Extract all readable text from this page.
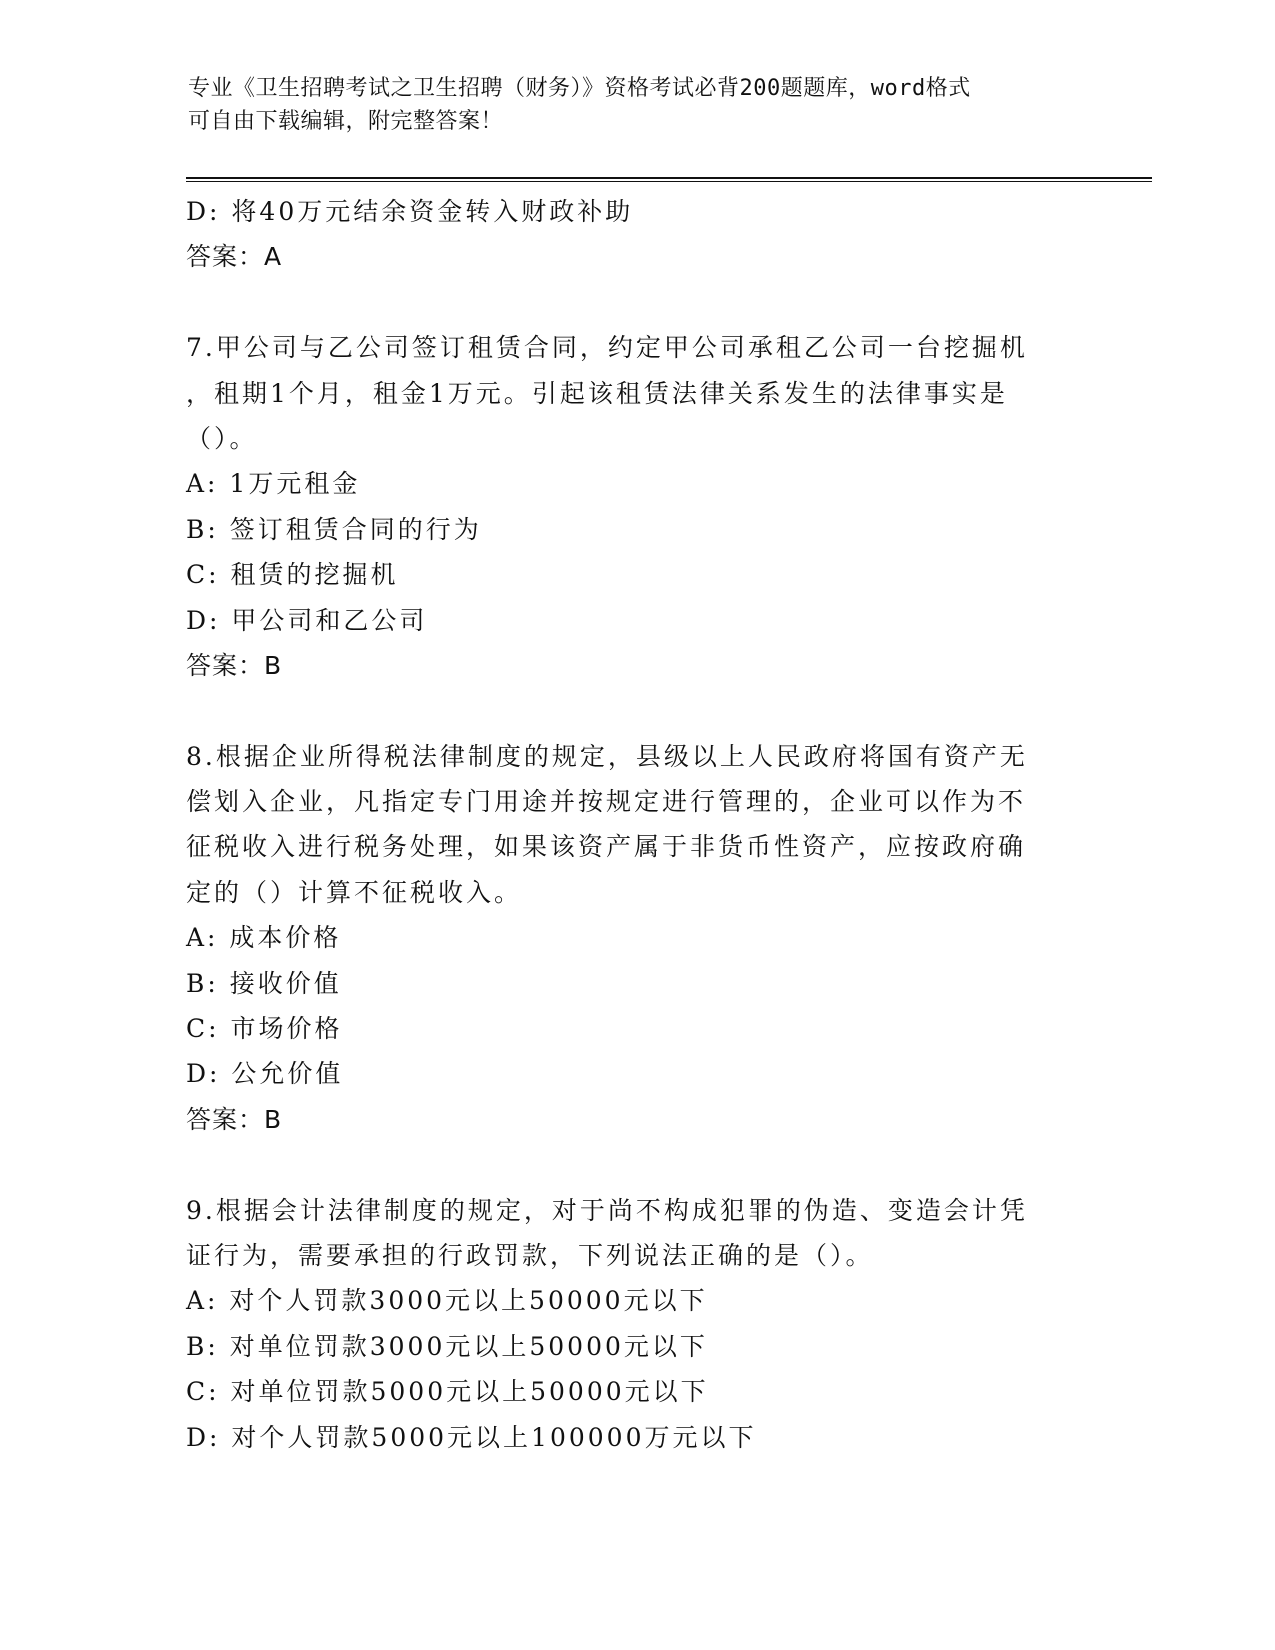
专业《卫生招聘考试之卫生招聘（财务）》资格考试必背200题题库，word格式
可自由下载编辑，附完整答案！
D: 将40万元结余资金转入财政补助
答案：A
7.甲公司与乙公司签订租赁合同，约定甲公司承租乙公司一台挖掘机
，租期1个月，租金1万元。引起该租赁法律关系发生的法律事实是
（）。
A: 1万元租金
B: 签订租赁合同的行为
C: 租赁的挖掘机
D: 甲公司和乙公司
答案：B
8.根据企业所得税法律制度的规定，县级以上人民政府将国有资产无
偿划入企业，凡指定专门用途并按规定进行管理的，企业可以作为不
征税收入进行税务处理，如果该资产属于非货币性资产，应按政府确
定的（）计算不征税收入。
A: 成本价格
B: 接收价值
C: 市场价格
D: 公允价值
答案：B
9.根据会计法律制度的规定，对于尚不构成犯罪的伪造、变造会计凭
证行为，需要承担的行政罚款，下列说法正确的是（）。
A: 对个人罚款3000元以上50000元以下
B: 对单位罚款3000元以上50000元以下
C: 对单位罚款5000元以上50000元以下
D: 对个人罚款5000元以上100000万元以下
